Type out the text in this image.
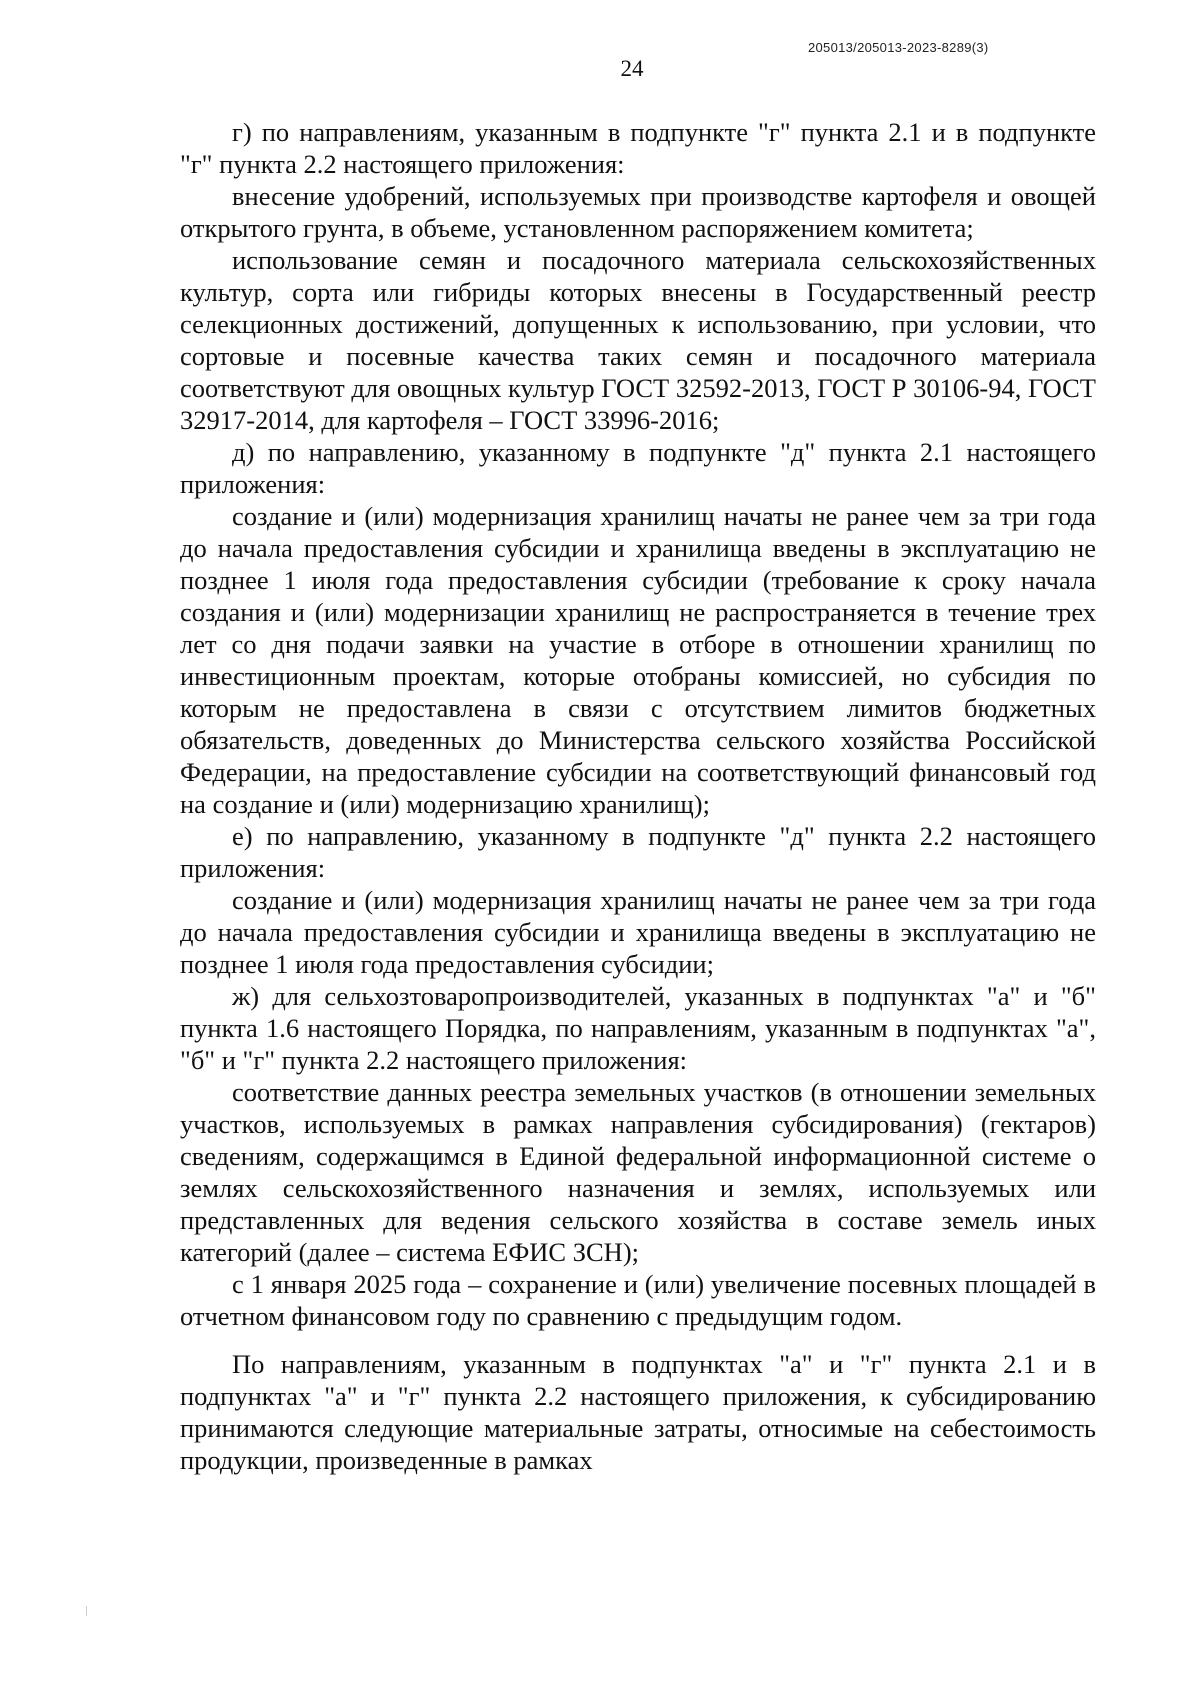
205013/205013-2023-8289(3)
24

г) по направлениям, указанным в подпункте "г" пункта 2.1 и в подпункте "г" пункта 2.2 настоящего приложения:

внесение удобрений, используемых при производстве картофеля и овощей открытого грунта, в объеме, установленном распоряжением комитета;

использование семян и посадочного материала сельскохозяйственных культур, сорта или гибриды которых внесены в Государственный реестр селекционных достижений, допущенных к использованию, при условии, что сортовые и посевные качества таких семян и посадочного материала соответствуют для овощных культур ГОСТ 32592-2013, ГОСТ Р 30106-94, ГОСТ 32917-2014, для картофеля – ГОСТ 33996-2016;

д) по направлению, указанному в подпункте "д" пункта 2.1 настоящего приложения:

создание и (или) модернизация хранилищ начаты не ранее чем за три года до начала предоставления субсидии и хранилища введены в эксплуатацию не позднее 1 июля года предоставления субсидии (требование к сроку начала создания и (или) модернизации хранилищ не распространяется в течение трех лет со дня подачи заявки на участие в отборе в отношении хранилищ по инвестиционным проектам, которые отобраны комиссией, но субсидия по которым не предоставлена в связи с отсутствием лимитов бюджетных обязательств, доведенных до Министерства сельского хозяйства Российской Федерации, на предоставление субсидии на соответствующий финансовый год на создание и (или) модернизацию хранилищ);

е) по направлению, указанному в подпункте "д" пункта 2.2 настоящего приложения:

создание и (или) модернизация хранилищ начаты не ранее чем за три года до начала предоставления субсидии и хранилища введены в эксплуатацию не позднее 1 июля года предоставления субсидии;

ж) для сельхозтоваропроизводителей, указанных в подпунктах "а" и "б" пункта 1.6 настоящего Порядка, по направлениям, указанным в подпунктах "а", "б" и "г" пункта 2.2 настоящего приложения:

соответствие данных реестра земельных участков (в отношении земельных участков, используемых в рамках направления субсидирования) (гектаров) сведениям, содержащимся в Единой федеральной информационной системе о землях сельскохозяйственного назначения и землях, используемых или представленных для ведения сельского хозяйства в составе земель иных категорий (далее – система ЕФИС ЗСН);

с 1 января 2025 года – сохранение и (или) увеличение посевных площадей в отчетном финансовом году по сравнению с предыдущим годом.

По направлениям, указанным в подпунктах "а" и "г" пункта 2.1 и в подпунктах "а" и "г" пункта 2.2 настоящего приложения, к субсидированию принимаются следующие материальные затраты, относимые на себестоимость продукции, произведенные в рамках
